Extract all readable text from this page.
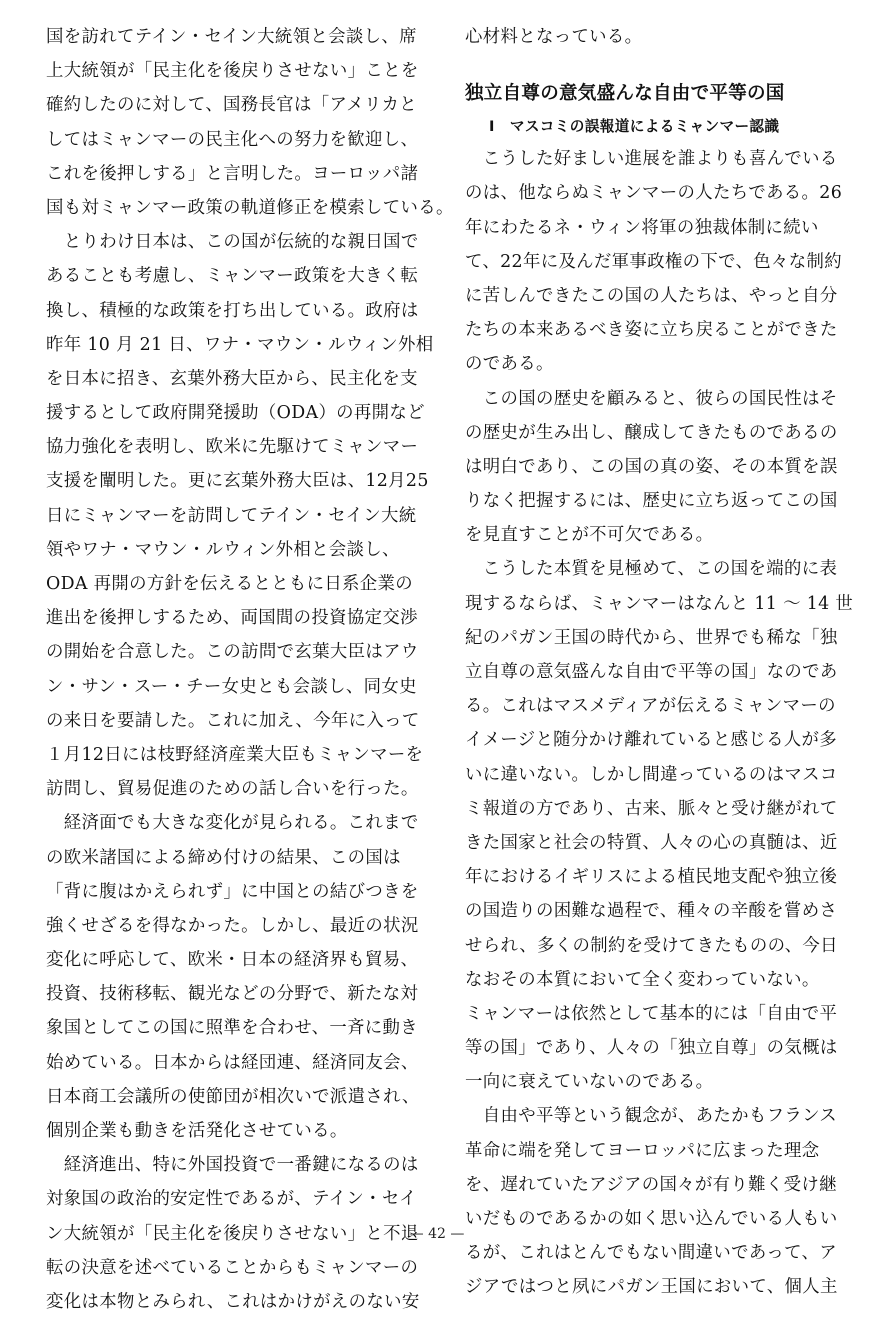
国を訪れてテイン・セイン大統領と会談し、席
上大統領が「民主化を後戻りさせない」ことを
確約したのに対して、国務長官は「アメリカと
してはミャンマーの民主化への努力を歓迎し、
これを後押しする」と言明した。ヨーロッパ諸
国も対ミャンマー政策の軌道修正を模索している。
　とりわけ日本は、この国が伝統的な親日国で
あることも考慮し、ミャンマー政策を大きく転
換し、積極的な政策を打ち出している。政府は
昨年 10 月 21 日、ワナ・マウン・ルウィン外相
を日本に招き、玄葉外務大臣から、民主化を支
援するとして政府開発援助（ODA）の再開など
協力強化を表明し、欧米に先駆けてミャンマー
支援を闡明した。更に玄葉外務大臣は、12月25
日にミャンマーを訪問してテイン・セイン大統
領やワナ・マウン・ルウィン外相と会談し、
ODA 再開の方針を伝えるとともに日系企業の
進出を後押しするため、両国間の投資協定交渉
の開始を合意した。この訪問で玄葉大臣はアウ
ン・サン・スー・チー女史とも会談し、同女史
の来日を要請した。これに加え、今年に入って
１月12日には枝野経済産業大臣もミャンマーを
訪問し、貿易促進のための話し合いを行った。
　経済面でも大きな変化が見られる。これまで
の欧米諸国による締め付けの結果、この国は
「背に腹はかえられず」に中国との結びつきを
強くせざるを得なかった。しかし、最近の状況
変化に呼応して、欧米・日本の経済界も貿易、
投資、技術移転、観光などの分野で、新たな対
象国としてこの国に照準を合わせ、一斉に動き
始めている。日本からは経団連、経済同友会、
日本商工会議所の使節団が相次いで派遣され、
個別企業も動きを活発化させている。
　経済進出、特に外国投資で一番鍵になるのは
対象国の政治的安定性であるが、テイン・セイ
ン大統領が「民主化を後戻りさせない」と不退
転の決意を述べていることからもミャンマーの
変化は本物とみられ、これはかけがえのない安
心材料となっている。
独立自尊の意気盛んな自由で平等の国
Ⅰ　マスコミの誤報道によるミャンマー認識
　こうした好ましい進展を誰よりも喜んでいる
のは、他ならぬミャンマーの人たちである。26
年にわたるネ・ウィン将軍の独裁体制に続い
て、22年に及んだ軍事政権の下で、色々な制約
に苦しんできたこの国の人たちは、やっと自分
たちの本来あるべき姿に立ち戻ることができた
のである。
　この国の歴史を顧みると、彼らの国民性はそ
の歴史が生み出し、醸成してきたものであるの
は明白であり、この国の真の姿、その本質を誤
りなく把握するには、歴史に立ち返ってこの国
を見直すことが不可欠である。
　こうした本質を見極めて、この国を端的に表
現するならば、ミャンマーはなんと 11 ～ 14 世
紀のパガン王国の時代から、世界でも稀な「独
立自尊の意気盛んな自由で平等の国」なのであ
る。これはマスメディアが伝えるミャンマーの
イメージと随分かけ離れていると感じる人が多
いに違いない。しかし間違っているのはマスコ
ミ報道の方であり、古来、脈々と受け継がれて
きた国家と社会の特質、人々の心の真髄は、近
年におけるイギリスによる植民地支配や独立後
の国造りの困難な過程で、種々の辛酸を嘗めさ
せられ、多くの制約を受けてきたものの、今日
なおその本質において全く変わっていない。
ミャンマーは依然として基本的には「自由で平
等の国」であり、人々の「独立自尊」の気概は
一向に衰えていないのである。
　自由や平等という観念が、あたかもフランス
革命に端を発してヨーロッパに広まった理念
を、遅れていたアジアの国々が有り難く受け継
いだものであるかの如く思い込んでいる人もい
るが、これはとんでもない間違いであって、ア
ジアではつと夙にパガン王国において、個人主
— 42 —
